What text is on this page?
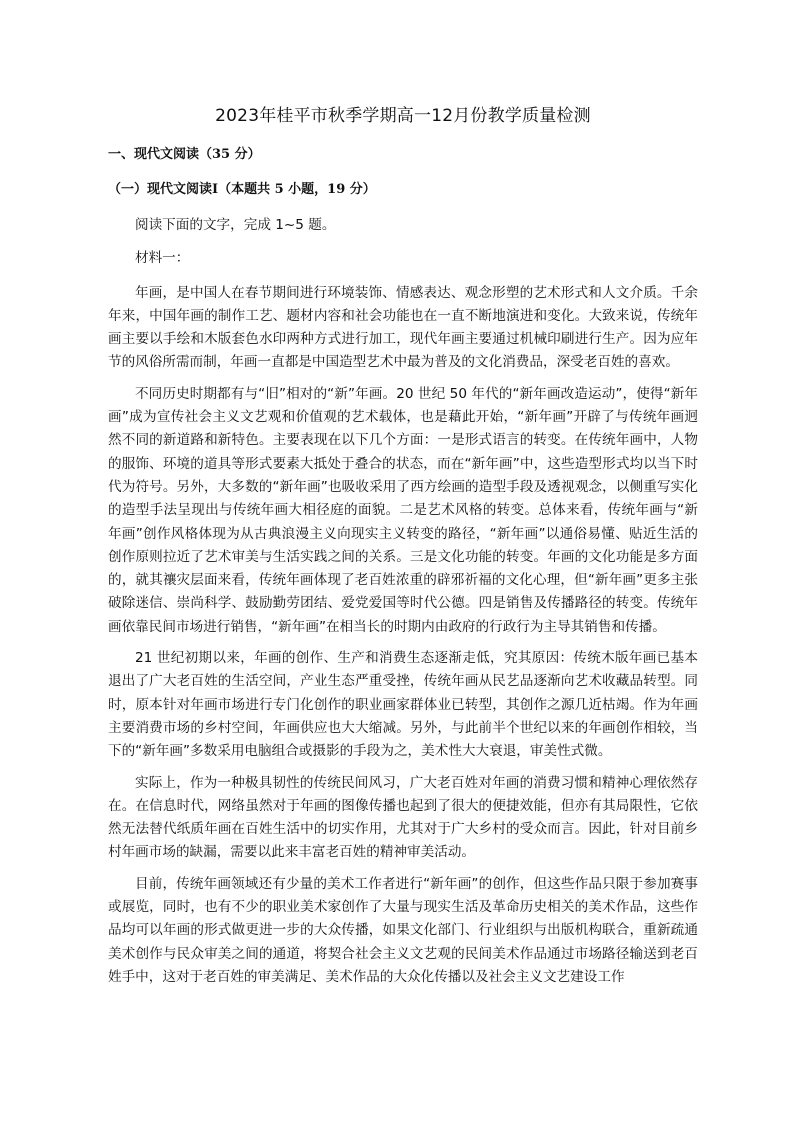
2023年桂平市秋季学期高一12月份教学质量检测
一、现代文阅读（35 分）
（一）现代文阅读Ⅰ（本题共 5 小题，19 分）

阅读下面的文字，完成 1~5 题。

材料一：

年画，是中国人在春节期间进行环境装饰、情感表达、观念形塑的艺术形式和人文介质。千余年来，中国年画的制作工艺、题材内容和社会功能也在一直不断地演进和变化。大致来说，传统年画主要以手绘和木版套色水印两种方式进行加工，现代年画主要通过机械印刷进行生产。因为应年节的风俗所需而制，年画一直都是中国造型艺术中最为普及的文化消费品，深受老百姓的喜欢。

不同历史时期都有与“旧”相对的“新”年画。20 世纪 50 年代的“新年画改造运动”，使得“新年画”成为宣传社会主义文艺观和价值观的艺术载体，也是藉此开始，“新年画”开辟了与传统年画迥然不同的新道路和新特色。主要表现在以下几个方面：一是形式语言的转变。在传统年画中，人物的服饰、环境的道具等形式要素大抵处于叠合的状态，而在“新年画”中，这些造型形式均以当下时代为符号。另外，大多数的“新年画”也吸收采用了西方绘画的造型手段及透视观念，以侧重写实化的造型手法呈现出与传统年画大相径庭的面貌。二是艺术风格的转变。总体来看，传统年画与“新年画”创作风格体现为从古典浪漫主义向现实主义转变的路径，“新年画”以通俗易懂、贴近生活的创作原则拉近了艺术审美与生活实践之间的关系。三是文化功能的转变。年画的文化功能是多方面的，就其禳灾层面来看，传统年画体现了老百姓浓重的辟邪祈福的文化心理，但“新年画”更多主张破除迷信、崇尚科学、鼓励勤劳团结、爱党爱国等时代公德。四是销售及传播路径的转变。传统年画依靠民间市场进行销售，“新年画”在相当长的时期内由政府的行政行为主导其销售和传播。

21 世纪初期以来，年画的创作、生产和消费生态逐渐走低，究其原因：传统木版年画已基本退出了广大老百姓的生活空间，产业生态严重受挫，传统年画从民艺品逐渐向艺术收藏品转型。同时，原本针对年画市场进行专门化创作的职业画家群体业已转型，其创作之源几近枯竭。作为年画主要消费市场的乡村空间，年画供应也大大缩减。另外，与此前半个世纪以来的年画创作相较，当下的“新年画”多数采用电脑组合或摄影的手段为之，美术性大大衰退，审美性式微。

实际上，作为一种极具韧性的传统民间风习，广大老百姓对年画的消费习惯和精神心理依然存在。在信息时代，网络虽然对于年画的图像传播也起到了很大的便捷效能，但亦有其局限性，它依然无法替代纸质年画在百姓生活中的切实作用，尤其对于广大乡村的受众而言。因此，针对目前乡村年画市场的缺漏，需要以此来丰富老百姓的精神审美活动。

目前，传统年画领域还有少量的美术工作者进行“新年画”的创作，但这些作品只限于参加赛事或展览，同时，也有不少的职业美术家创作了大量与现实生活及革命历史相关的美术作品，这些作品均可以年画的形式做更进一步的大众传播，如果文化部门、行业组织与出版机构联合，重新疏通美术创作与民众审美之间的通道，将契合社会主义文艺观的民间美术作品通过市场路径输送到老百姓手中，这对于老百姓的审美满足、美术作品的大众化传播以及社会主义文艺建设工作
